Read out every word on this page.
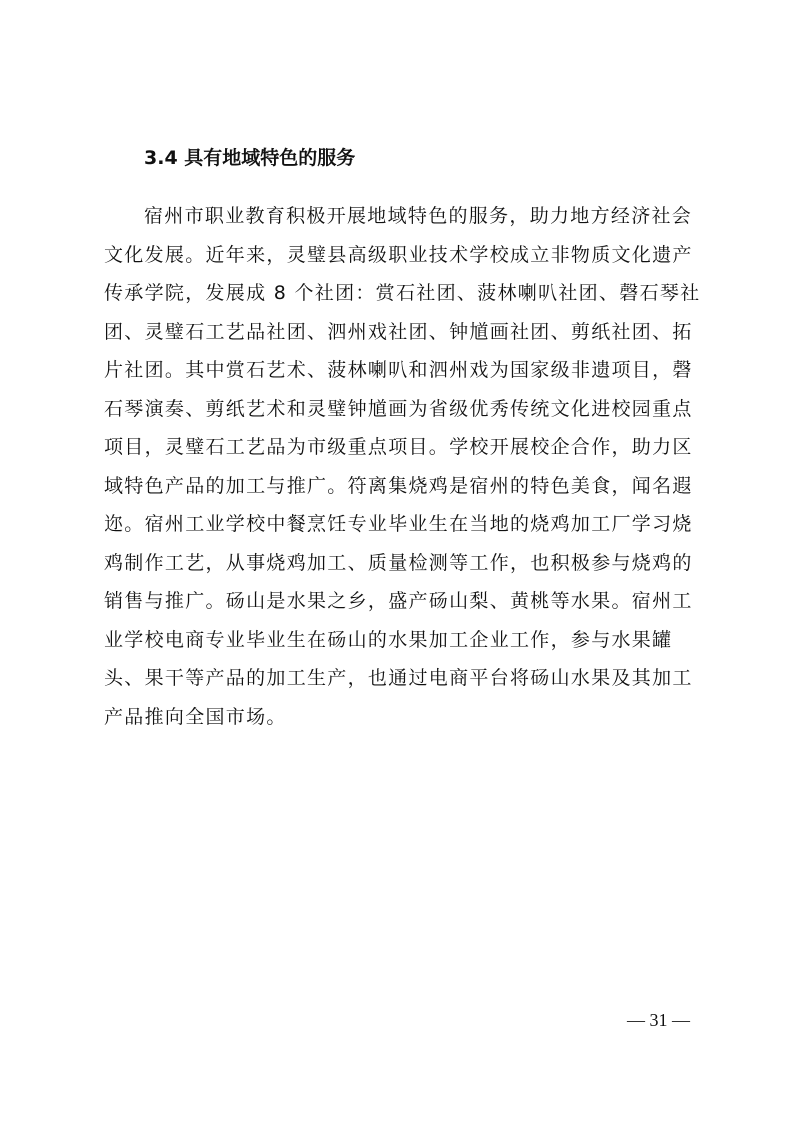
3.4 具有地域特色的服务

宿州市职业教育积极开展地域特色的服务，助力地方经济社会
文化发展。近年来，灵璧县高级职业技术学校成立非物质文化遗产
传承学院，发展成 8 个社团：赏石社团、菠林喇叭社团、磬石琴社
团、灵璧石工艺品社团、泗州戏社团、钟馗画社团、剪纸社团、拓
片社团。其中赏石艺术、菠林喇叭和泗州戏为国家级非遗项目，磬
石琴演奏、剪纸艺术和灵璧钟馗画为省级优秀传统文化进校园重点
项目，灵璧石工艺品为市级重点项目。学校开展校企合作，助力区
域特色产品的加工与推广。符离集烧鸡是宿州的特色美食，闻名遐
迩。宿州工业学校中餐烹饪专业毕业生在当地的烧鸡加工厂学习烧
鸡制作工艺，从事烧鸡加工、质量检测等工作，也积极参与烧鸡的
销售与推广。砀山是水果之乡，盛产砀山梨、黄桃等水果。宿州工
业学校电商专业毕业生在砀山的水果加工企业工作，参与水果罐
头、果干等产品的加工生产，也通过电商平台将砀山水果及其加工
产品推向全国市场。

— 31 —
